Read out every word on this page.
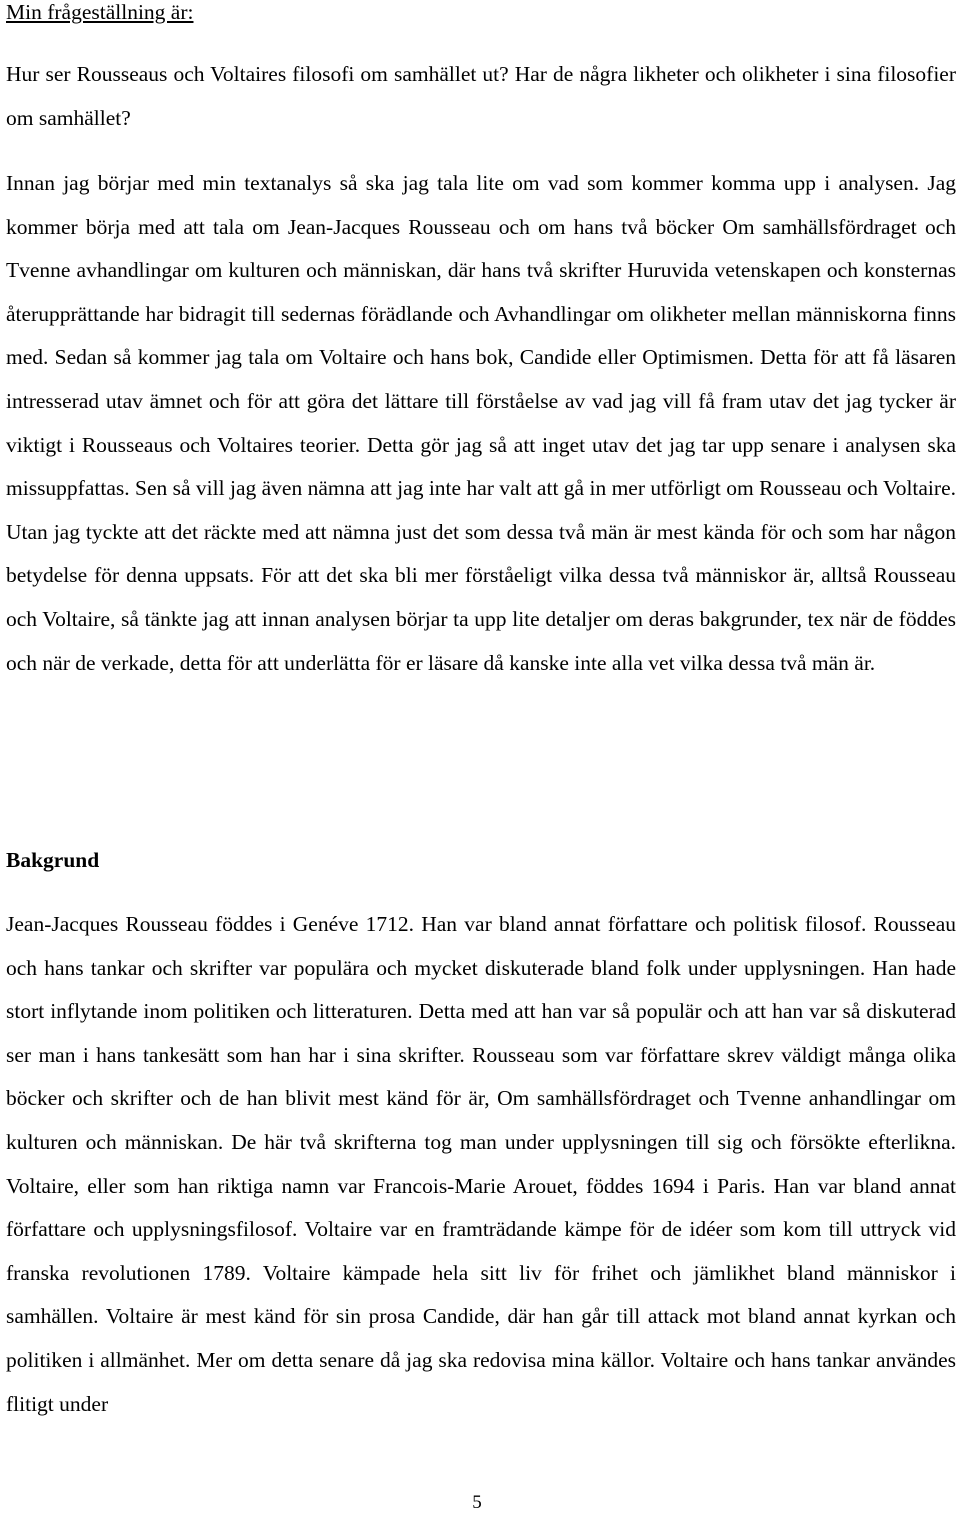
Min frågeställning är:

Hur ser Rousseaus och Voltaires filosofi om samhället ut? Har de några likheter och olikheter i sina filosofier om samhället?

Innan jag börjar med min textanalys så ska jag tala lite om vad som kommer komma upp i analysen. Jag kommer börja med att tala om Jean-Jacques Rousseau och om hans två böcker Om samhällsfördraget och Tvenne avhandlingar om kulturen och människan, där hans två skrifter Huruvida vetenskapen och konsternas återupprättande har bidragit till sedernas förädlande och Avhandlingar om olikheter mellan människorna finns med. Sedan så kommer jag tala om Voltaire och hans bok, Candide eller Optimismen. Detta för att få läsaren intresserad utav ämnet och för att göra det lättare till förståelse av vad jag vill få fram utav det jag tycker är viktigt i Rousseaus och Voltaires teorier. Detta gör jag så att inget utav det jag tar upp senare i analysen ska missuppfattas. Sen så vill jag även nämna att jag inte har valt att gå in mer utförligt om Rousseau och Voltaire. Utan jag tyckte att det räckte med att nämna just det som dessa två män är mest kända för och som har någon betydelse för denna uppsats. För att det ska bli mer förståeligt vilka dessa två människor är, alltså Rousseau och Voltaire, så tänkte jag att innan analysen börjar ta upp lite detaljer om deras bakgrunder, tex när de föddes och när de verkade, detta för att underlätta för er läsare då kanske inte alla vet vilka dessa två män är.

Bakgrund

Jean-Jacques Rousseau föddes i Genéve 1712. Han var bland annat författare och politisk filosof. Rousseau och hans tankar och skrifter var populära och mycket diskuterade bland folk under upplysningen. Han hade stort inflytande inom politiken och litteraturen. Detta med att han var så populär och att han var så diskuterad ser man i hans tankesätt som han har i sina skrifter. Rousseau som var författare skrev väldigt många olika böcker och skrifter och de han blivit mest känd för är, Om samhällsfördraget och Tvenne anhandlingar om kulturen och människan. De här två skrifterna tog man under upplysningen till sig och försökte efterlikna. Voltaire, eller som han riktiga namn var Francois-Marie Arouet, föddes 1694 i Paris. Han var bland annat författare och upplysningsfilosof. Voltaire var en framträdande kämpe för de idéer som kom till uttryck vid franska revolutionen 1789. Voltaire kämpade hela sitt liv för frihet och jämlikhet bland människor i samhällen. Voltaire är mest känd för sin prosa Candide, där han går till attack mot bland annat kyrkan och politiken i allmänhet. Mer om detta senare då jag ska redovisa mina källor. Voltaire och hans tankar användes flitigt under

5
